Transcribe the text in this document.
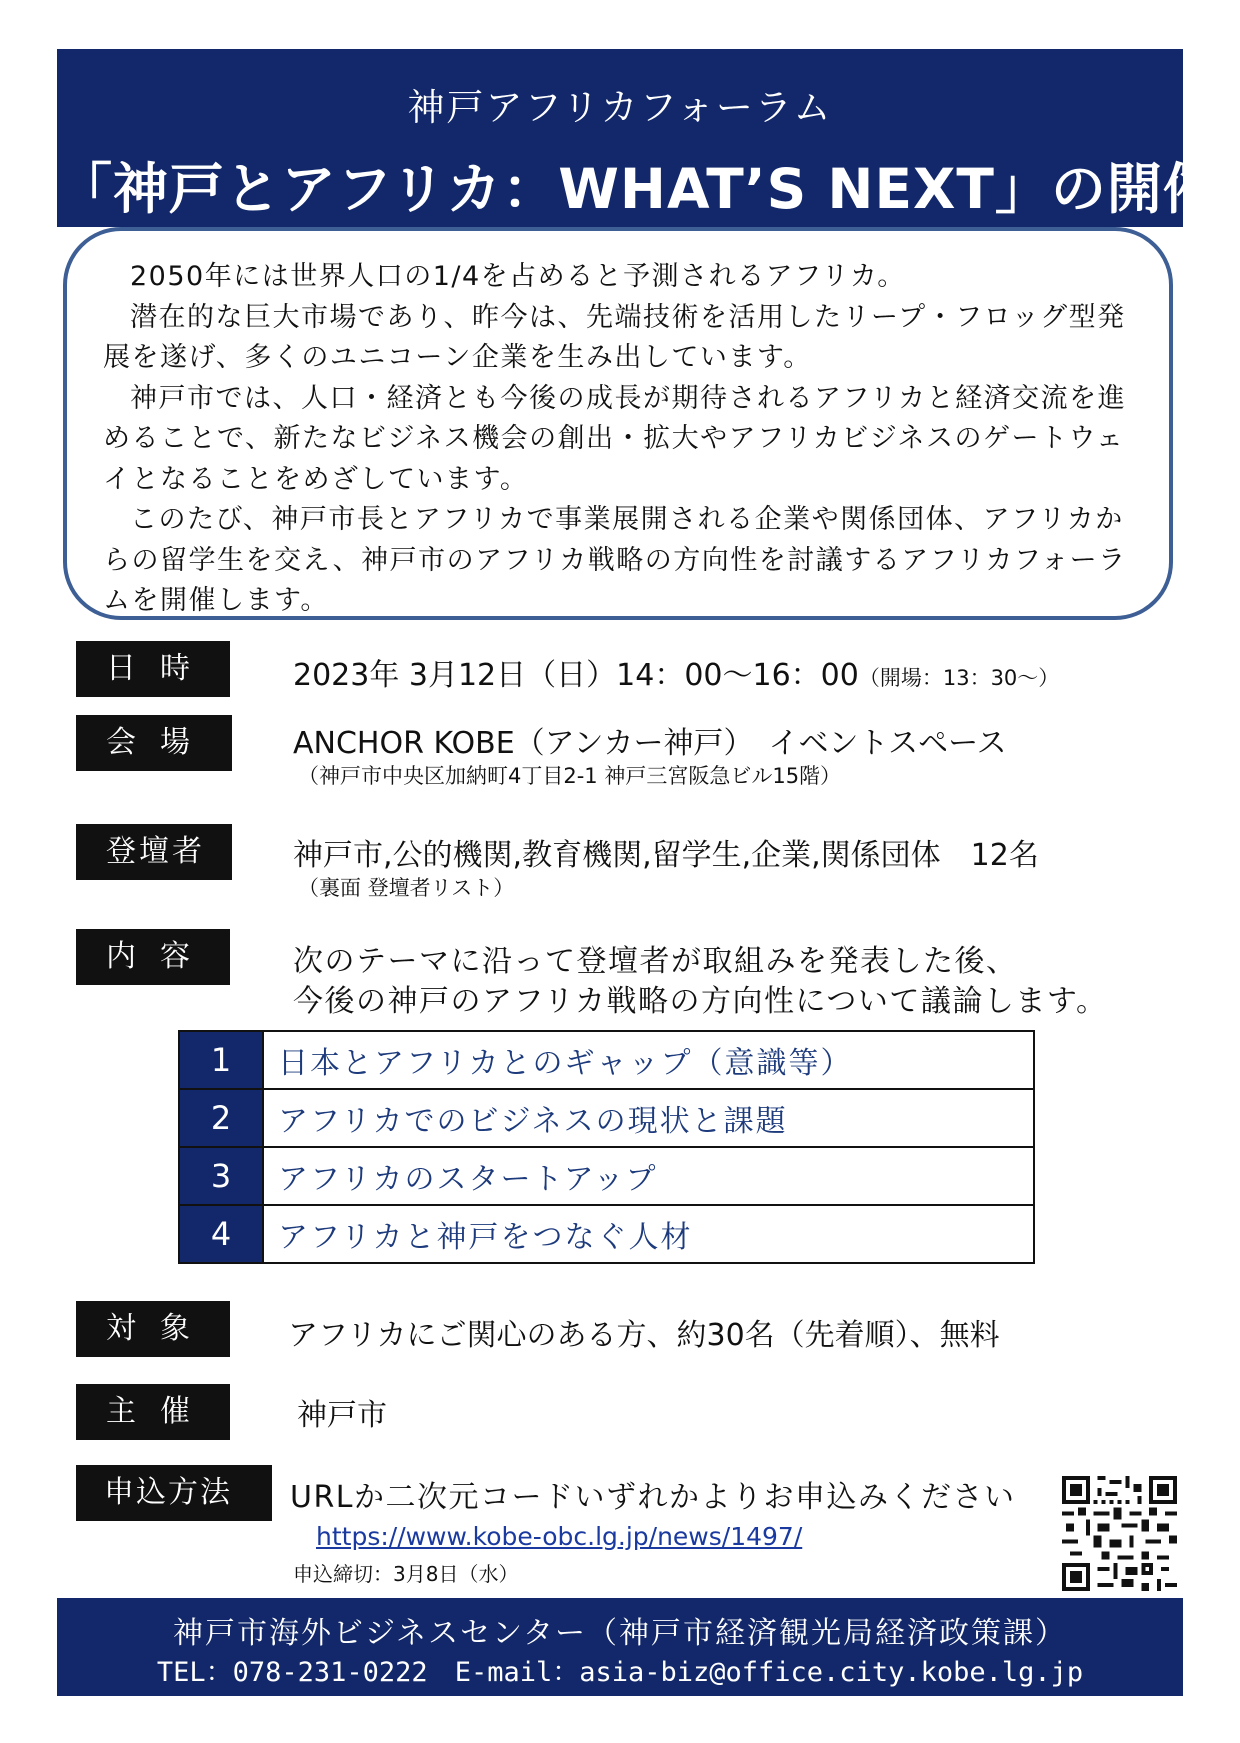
神戸アフリカフォーラム
「神戸とアフリカ：WHAT’S NEXT」の開催

2050年には世界人口の1/4を占めると予測されるアフリカ。

潜在的な巨大市場であり、昨今は、先端技術を活用したリープ・フロッグ型発展を遂げ、多くのユニコーン企業を生み出しています。

神戸市では、人口・経済とも今後の成長が期待されるアフリカと経済交流を進めることで、新たなビジネス機会の創出・拡大やアフリカビジネスのゲートウェイとなることをめざしています。

このたび、神戸市長とアフリカで事業展開される企業や関係団体、アフリカからの留学生を交え、神戸市のアフリカ戦略の方向性を討議するアフリカフォーラムを開催します。

日時	2023年 3月12日（日）14：00～16：00（開場：13：30～）
会場	ANCHOR KOBE（アンカー神戸）　イベントスペース
（神戸市中央区加納町4丁目2-1 神戸三宮阪急ビル15階）
登壇者	神戸市,公的機関,教育機関,留学生,企業,関係団体　12名
（裏面 登壇者リスト）
内容	次のテーマに沿って登壇者が取組みを発表した後、
今後の神戸のアフリカ戦略の方向性について議論します。
1	日本とアフリカとのギャップ（意識等）
2	アフリカでのビジネスの現状と課題
3	アフリカのスタートアップ
4	アフリカと神戸をつなぐ人材
対象	アフリカにご関心のある方、約30名（先着順）、無料
主催	神戸市
申込方法	URLか二次元コードいずれかよりお申込みください
https://www.kobe-obc.lg.jp/news/1497/
申込締切：3月8日（水）
神戸市海外ビジネスセンター（神戸市経済観光局経済政策課）
TEL：078-231-0222　E-mail：asia-biz@office.city.kobe.lg.jp
